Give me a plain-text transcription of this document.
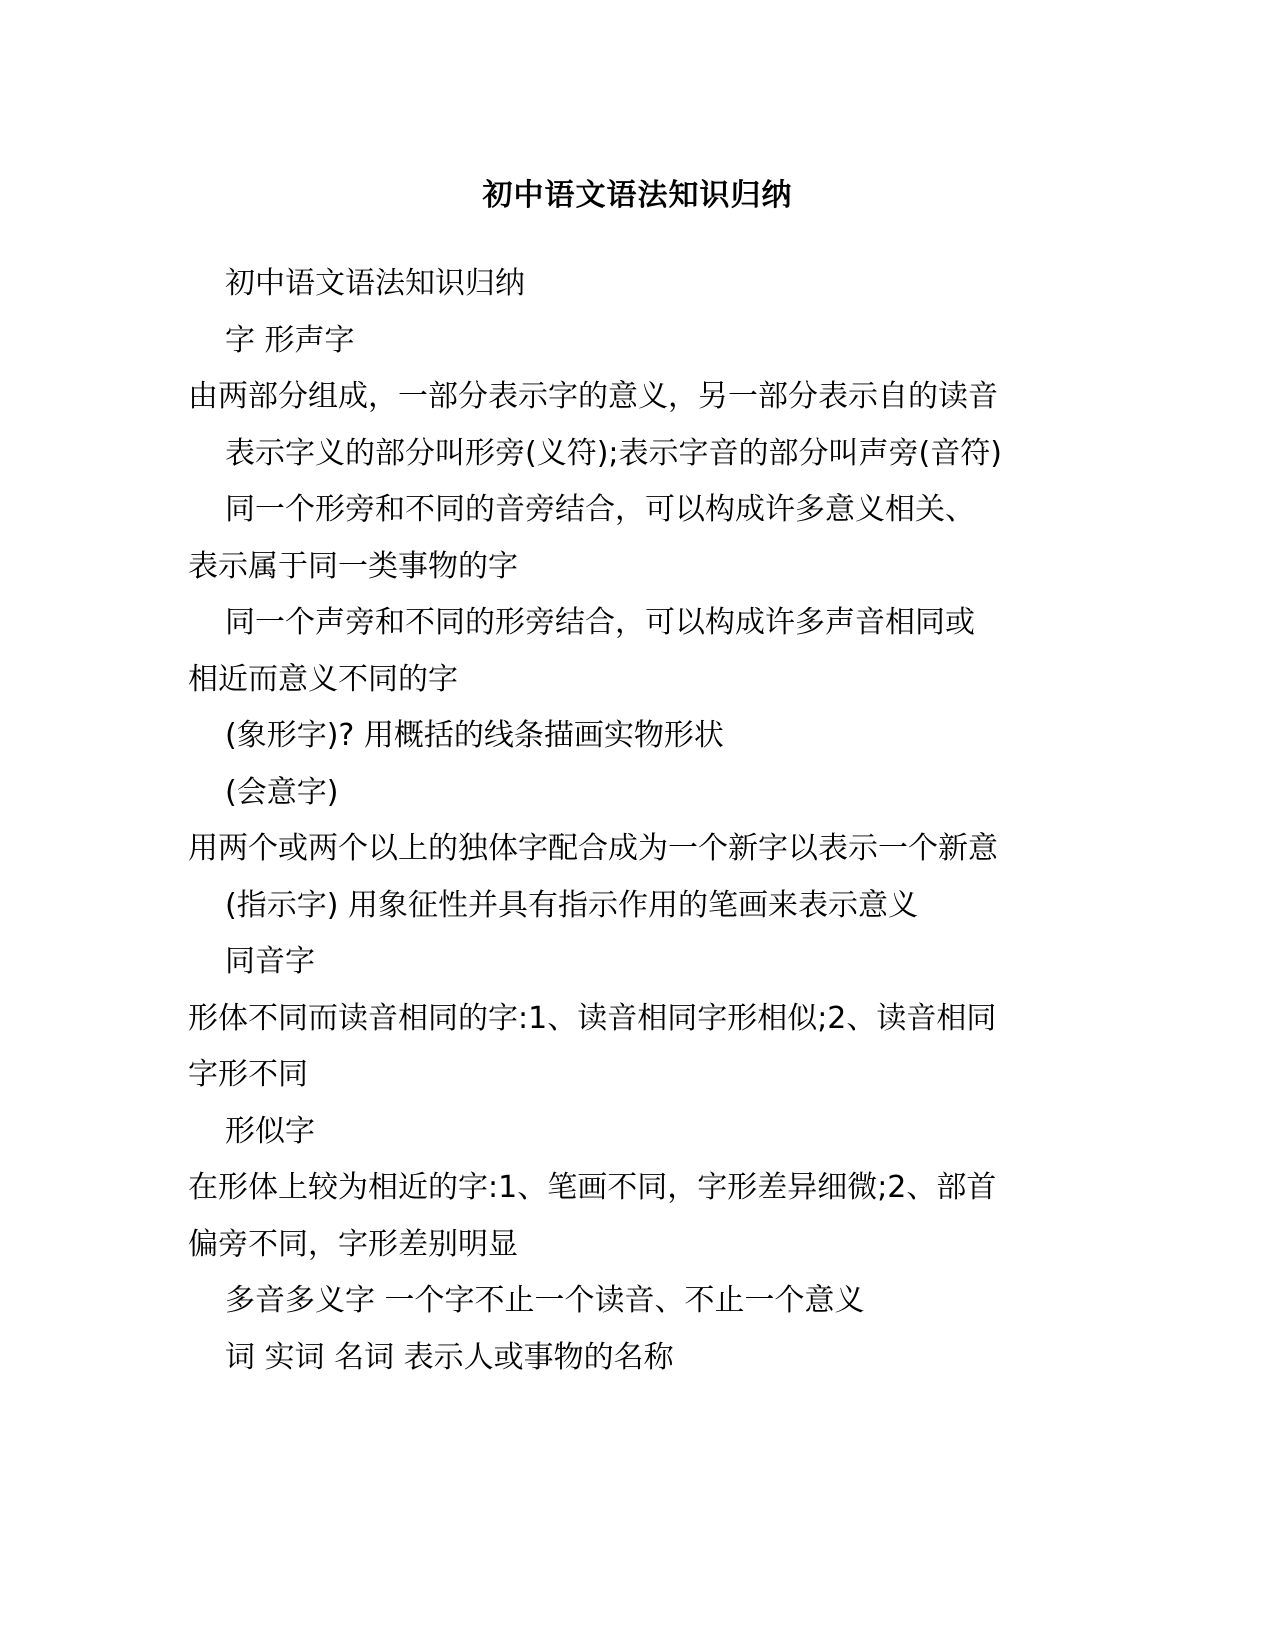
初中语文语法知识归纳
初中语文语法知识归纳
字 形声字
由两部分组成，一部分表示字的意义，另一部分表示自的读音
表示字义的部分叫形旁(义符);表示字音的部分叫声旁(音符)
同一个形旁和不同的音旁结合，可以构成许多意义相关、
表示属于同一类事物的字
同一个声旁和不同的形旁结合，可以构成许多声音相同或
相近而意义不同的字
(象形字)? 用概括的线条描画实物形状
(会意字)
用两个或两个以上的独体字配合成为一个新字以表示一个新意
(指示字) 用象征性并具有指示作用的笔画来表示意义
同音字
形体不同而读音相同的字:1、读音相同字形相似;2、读音相同
字形不同
形似字
在形体上较为相近的字:1、笔画不同，字形差异细微;2、部首
偏旁不同，字形差别明显
多音多义字 一个字不止一个读音、不止一个意义
词 实词 名词 表示人或事物的名称
